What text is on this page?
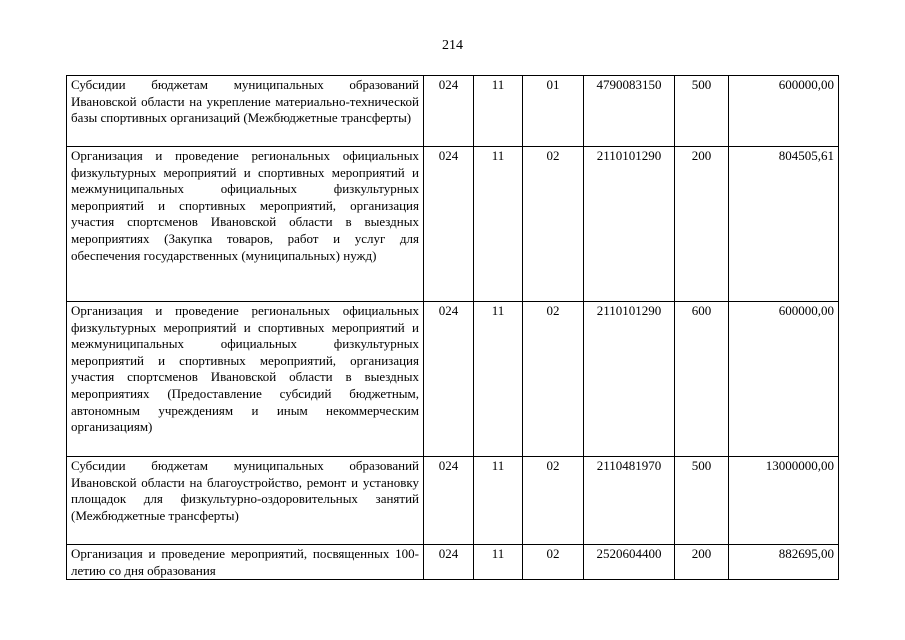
214
Субсидии бюджетам муниципальных образований Ивановской области на укрепление материально-технической базы спортивных организаций (Межбюджетные трансферты)	024	11	01	4790083150	500	600000,00
Организация и проведение региональных официальных физкультурных мероприятий и спортивных мероприятий и межмуниципальных официальных физкультурных мероприятий и спортивных мероприятий, организация участия спортсменов Ивановской области в выездных мероприятиях (Закупка товаров, работ и услуг для обеспечения государственных (муниципальных) нужд)	024	11	02	2110101290	200	804505,61
Организация и проведение региональных официальных физкультурных мероприятий и спортивных мероприятий и межмуниципальных официальных физкультурных мероприятий и спортивных мероприятий, организация участия спортсменов Ивановской области в выездных мероприятиях (Предоставление субсидий бюджетным, автономным учреждениям и иным некоммерческим организациям)	024	11	02	2110101290	600	600000,00
Субсидии бюджетам муниципальных образований Ивановской области на благоустройство, ремонт и установку площадок для физкультурно-оздоровительных занятий (Межбюджетные трансферты)	024	11	02	2110481970	500	13000000,00
Организация и проведение мероприятий, посвященных 100-летию со дня образования	024	11	02	2520604400	200	882695,00
